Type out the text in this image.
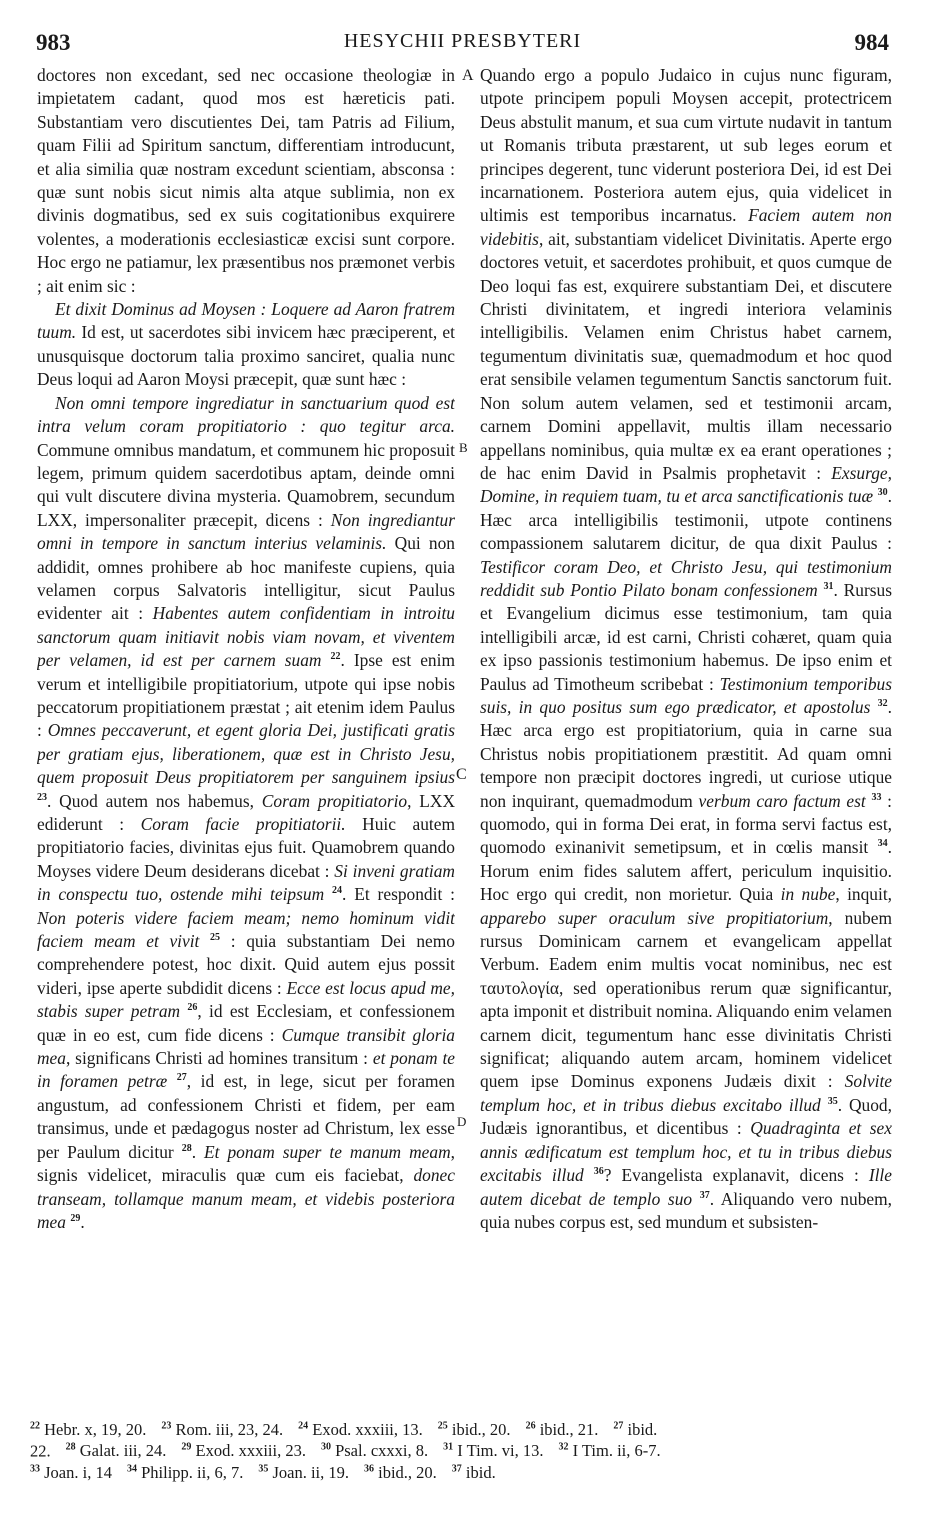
983	HESYCHII PRESBYTERI	984

doctores non excedant, sed nec occasione theologiæ in impietatem cadant, quod mos est hæreticis pati. Substantiam vero discutientes Dei, tam Patris ad Filium, quam Filii ad Spiritum sanctum, differentiam introducunt, et alia similia quæ nostram excedunt scientiam, absconsa : quæ sunt nobis sicut nimis alta atque sublimia, non ex divinis dogmatibus, sed ex suis cogitationibus exquirere volentes, a moderationis ecclesiasticæ excisi sunt corpore. Hoc ergo ne patiamur, lex præsentibus nos præmonet verbis ; ait enim sic :

Et dixit Dominus ad Moysen : Loquere ad Aaron fratrem tuum. Id est, ut sacerdotes sibi invicem hæc præciperent, et unusquisque doctorum talia proximo sanciret, qualia nunc Deus loqui ad Aaron Moysi præcepit, quæ sunt hæc :

Non omni tempore ingrediatur in sanctuarium quod est intra velum coram propitiatorio : quo tegitur arca. Commune omnibus mandatum, et communem hic proposuit legem, primum quidem sacerdotibus aptam, deinde omni qui vult discutere divina mysteria. Quamobrem, secundum LXX, impersonaliter præcepit, dicens : Non ingrediantur omni in tempore in sanctum interius velaminis. Qui non addidit, omnes prohibere ab hoc manifeste cupiens, quia velamen corpus Salvatoris intelligitur, sicut Paulus evidenter ait : Habentes autem confidentiam in introitu sanctorum quam initiavit nobis viam novam, et viventem per velamen, id est per carnem suam $^{22}$. Ipse est enim verum et intelligibile propitiatorium, utpote qui ipse nobis peccatorum propitiationem præstat ; ait etenim idem Paulus : Omnes peccaverunt, et egent gloria Dei, justificati gratis per gratiam ejus, liberationem, quæ est in Christo Jesu, quem proposuit Deus propitiatorem per sanguinem ipsius $^{23}$. Quod autem nos habemus, Coram propitiatorio, LXX ediderunt : Coram facie propitiatorii. Huic autem propitiatorio facies, divinitas ejus fuit. Quamobrem quando Moyses videre Deum desiderans dicebat : Si inveni gratiam in conspectu tuo, ostende mihi teipsum $^{24}$. Et respondit : Non poteris videre faciem meam; nemo hominum vidit faciem meam et vivit $^{25}$ : quia substantiam Dei nemo comprehendere potest, hoc dixit. Quid autem ejus possit videri, ipse aperte subdidit dicens : Ecce est locus apud me, stabis super petram $^{26}$, id est Ecclesiam, et confessionem quæ in eo est, cum fide dicens : Cumque transibit gloria mea, significans Christi ad homines transitum : et ponam te in foramen petræ $^{27}$, id est, in lege, sicut per foramen angustum, ad confessionem Christi et fidem, per eam transimus, unde et pædagogus noster ad Christum, lex esse per Paulum dicitur $^{28}$. Et ponam super te manum meam, signis videlicet, miraculis quæ cum eis faciebat, donec transeam, tollamque manum meam, et videbis posteriora mea $^{29}$.

Quando ergo a populo Judaico in cujus nunc figuram, utpote principem populi Moysen accepit, protectricem Deus abstulit manum, et sua cum virtute nudavit in tantum ut Romanis tributa præstarent, ut sub leges eorum et principes degerent, tunc viderunt posteriora Dei, id est Dei incarnationem. Posteriora autem ejus, quia videlicet in ultimis est temporibus incarnatus. Faciem autem non videbitis, ait, substantiam videlicet Divinitatis. Aperte ergo doctores vetuit, et sacerdotes prohibuit, et quos cumque de Deo loqui fas est, exquirere substantiam Dei, et discutere Christi divinitatem, et ingredi interiora velaminis intelligibilis. Velamen enim Christus habet carnem, tegumentum divinitatis suæ, quemadmodum et hoc quod erat sensibile velamen tegumentum Sanctis sanctorum fuit. Non solum autem velamen, sed et testimonii arcam, carnem Domini appellavit, multis illam necessario appellans nominibus, quia multæ ex ea erant operationes ; de hac enim David in Psalmis prophetavit : Exsurge, Domine, in requiem tuam, tu et arca sanctificationis tuæ $^{30}$. Hæc arca intelligibilis testimonii, utpote continens compassionem salutarem dicitur, de qua dixit Paulus : Testificor coram Deo, et Christo Jesu, qui testimonium reddidit sub Pontio Pilato bonam confessionem $^{31}$. Rursus et Evangelium dicimus esse testimonium, tam quia intelligibili arcæ, id est carni, Christi cohæret, quam quia ex ipso passionis testimonium habemus. De ipso enim et Paulus ad Timotheum scribebat : Testimonium temporibus suis, in quo positus sum ego prædicator, et apostolus $^{32}$. Hæc arca ergo est propitiatorium, quia in carne sua Christus nobis propitiationem præstitit. Ad quam omni tempore non præcipit doctores ingredi, ut curiose utique non inquirant, quemadmodum verbum caro factum est $^{33}$ : quomodo, qui in forma Dei erat, in forma servi factus est, quomodo exinanivit semetipsum, et in cœlis mansit $^{34}$. Horum enim fides salutem affert, periculum inquisitio. Hoc ergo qui credit, non morietur. Quia in nube, inquit, apparebo super oraculum sive propitiatorium, nubem rursus Dominicam carnem et evangelicam appellat Verbum. Eadem enim multis vocat nominibus, nec est ταυτολογία, sed operationibus rerum quæ significantur, apta imponit et distribuit nomina. Aliquando enim velamen carnem dicit, tegumentum hanc esse divinitatis Christi significat; aliquando autem arcam, hominem videlicet quem ipse Dominus exponens Judæis dixit : Solvite templum hoc, et in tribus diebus excitabo illud $^{35}$. Quod, Judæis ignorantibus, et dicentibus : Quadraginta et sex annis ædificatum est templum hoc, et tu in tribus diebus excitabis illud $^{36}$? Evangelista explanavit, dicens : Ille autem dicebat de templo suo $^{37}$. Aliquando vero nubem, quia nubes corpus est, sed mundum et subsisten-

A
B
C
D
$^{22}$ Hebr. x, 19, 20. $^{23}$ Rom. iii, 23, 24. $^{24}$ Exod. xxxiii, 13. $^{25}$ ibid., 20. $^{26}$ ibid., 21. $^{27}$ ibid.
22. $^{28}$ Galat. iii, 24. $^{29}$ Exod. xxxiii, 23. $^{30}$ Psal. cxxxi, 8. $^{31}$ I Tim. vi, 13. $^{32}$ I Tim. ii, 6-7.
$^{33}$ Joan. i, 14 $^{34}$ Philipp. ii, 6, 7. $^{35}$ Joan. ii, 19. $^{36}$ ibid., 20. $^{37}$ ibid.
